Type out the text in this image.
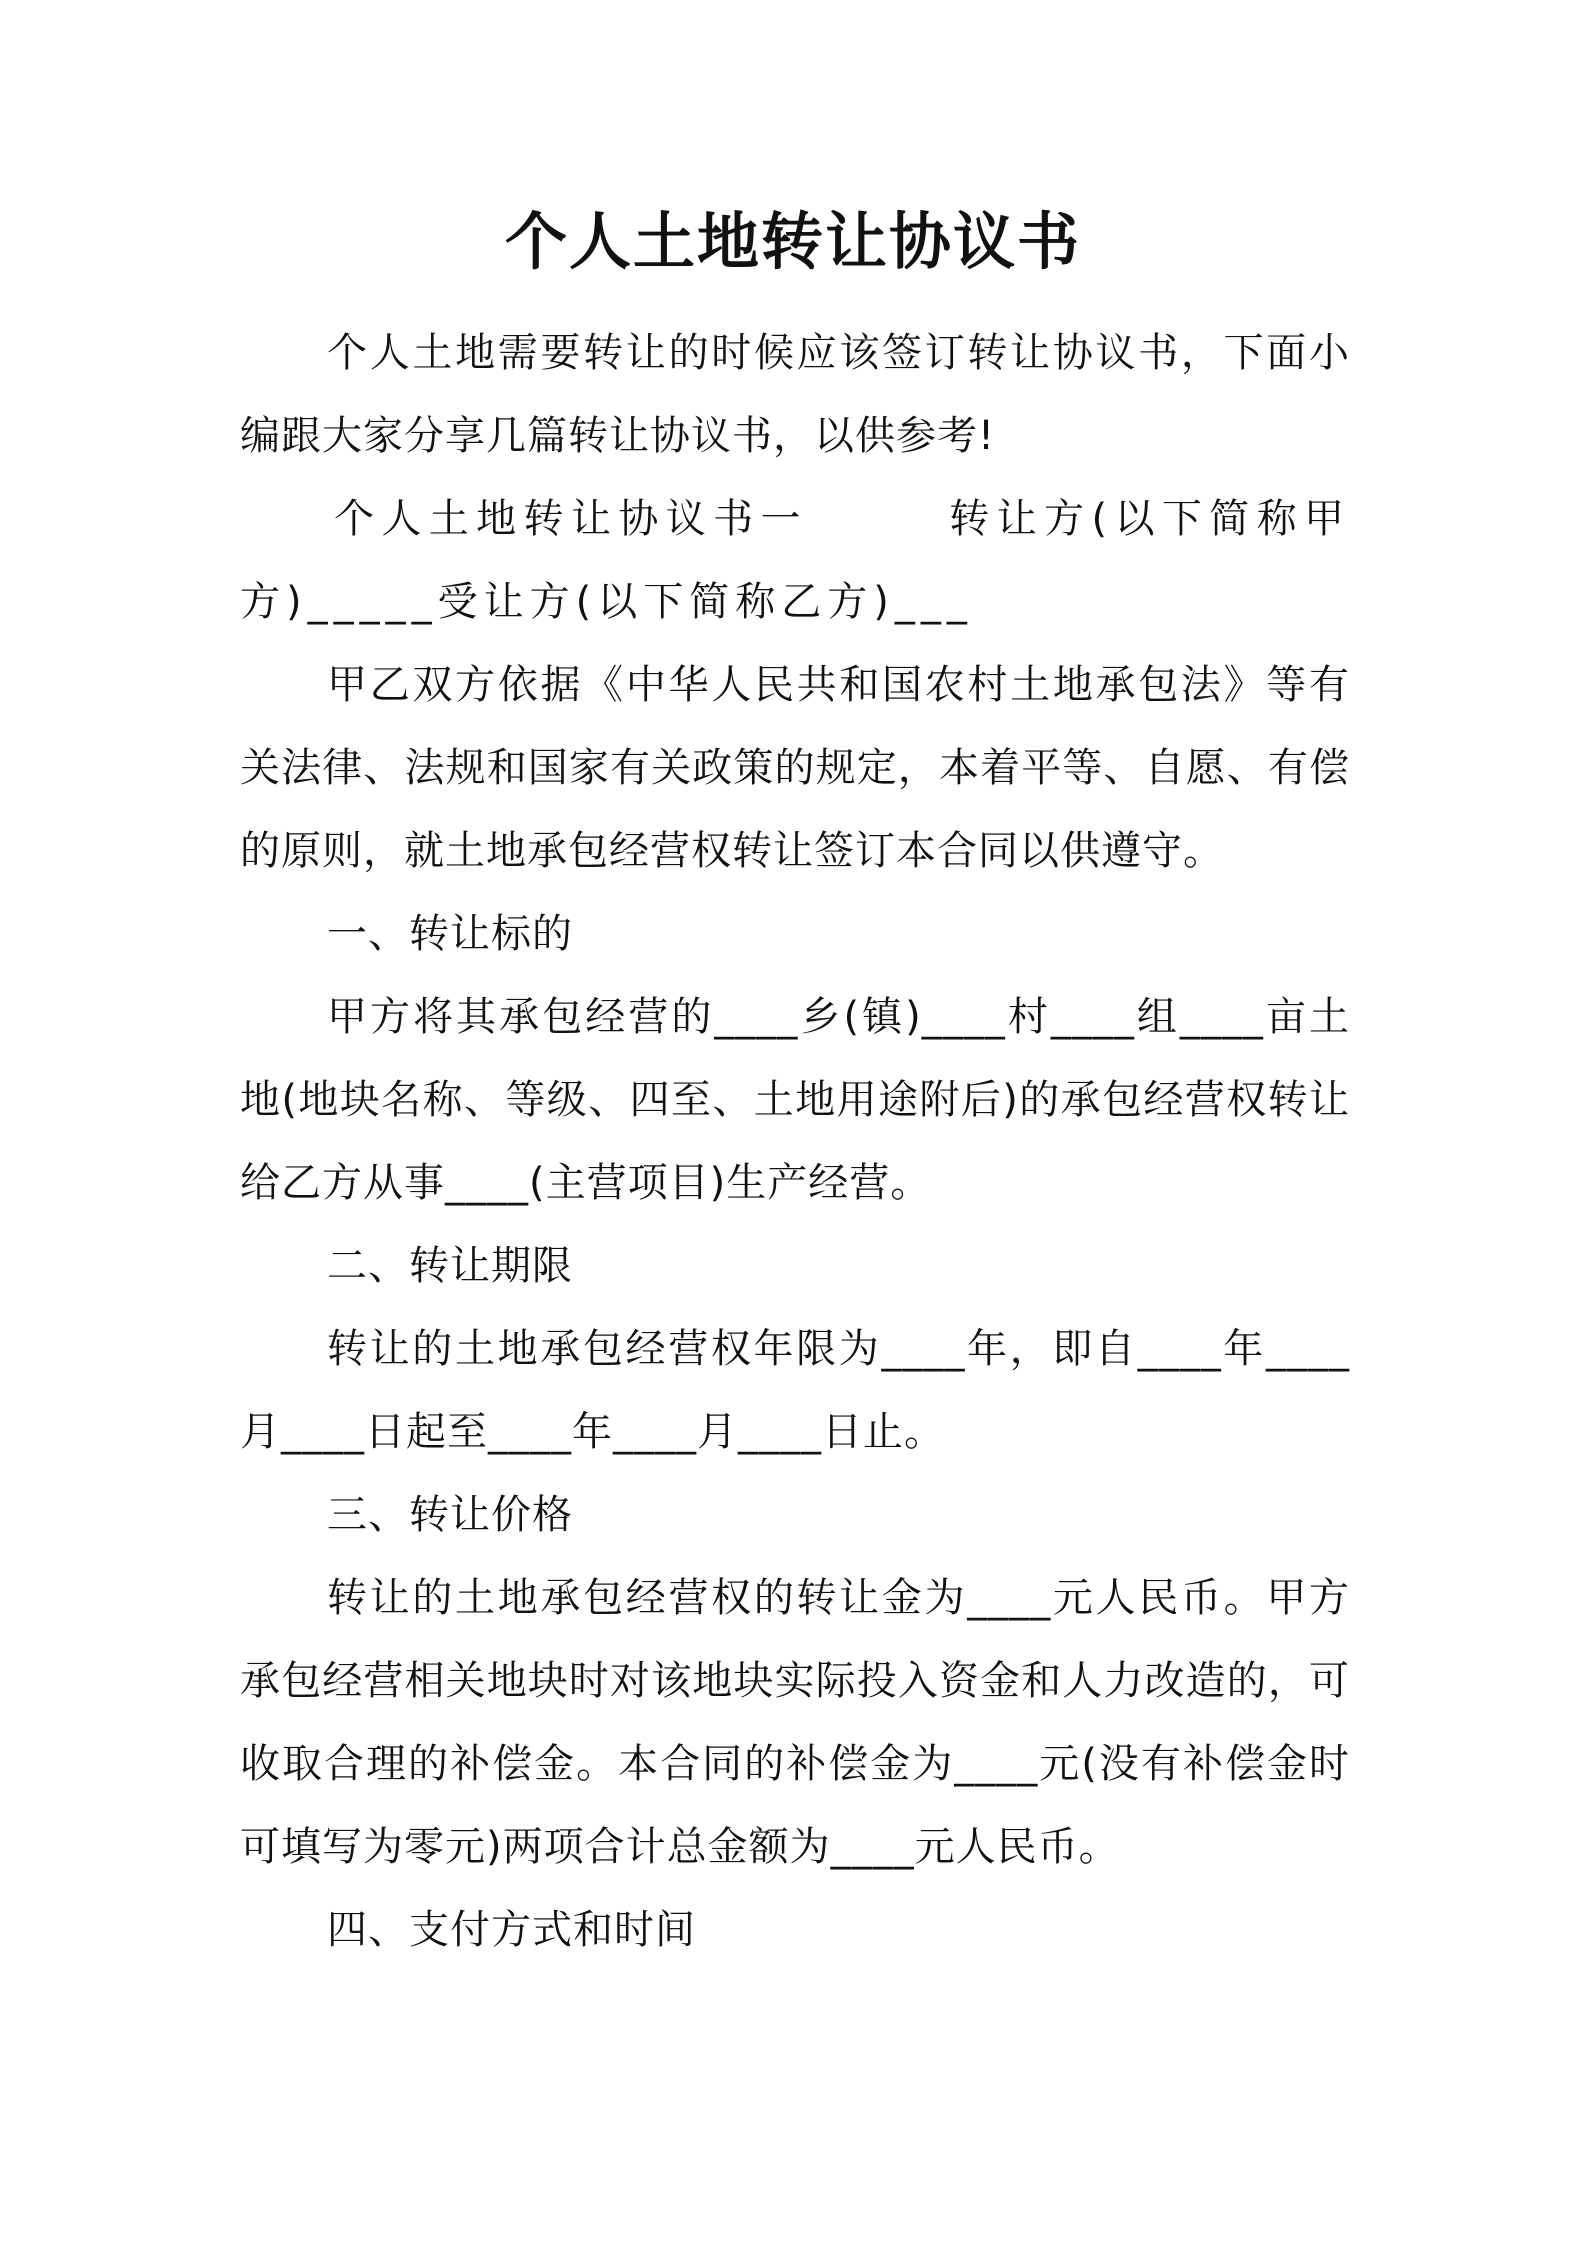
个人土地转让协议书

个人土地需要转让的时候应该签订转让协议书，下面小编跟大家分享几篇转让协议书，以供参考!

个人土地转让协议书一	转让方(以下简称甲方)_____受让方(以下简称乙方)___

甲乙双方依据《中华人民共和国农村土地承包法》等有关法律、法规和国家有关政策的规定，本着平等、自愿、有偿的原则，就土地承包经营权转让签订本合同以供遵守。

一、转让标的

甲方将其承包经营的____乡(镇)____村____组____亩土地(地块名称、等级、四至、土地用途附后)的承包经营权转让给乙方从事____(主营项目)生产经营。

二、转让期限

转让的土地承包经营权年限为____年，即自____年____月____日起至____年____月____日止。

三、转让价格

转让的土地承包经营权的转让金为____元人民币。甲方承包经营相关地块时对该地块实际投入资金和人力改造的，可收取合理的补偿金。本合同的补偿金为____元(没有补偿金时可填写为零元)两项合计总金额为____元人民币。

四、支付方式和时间
